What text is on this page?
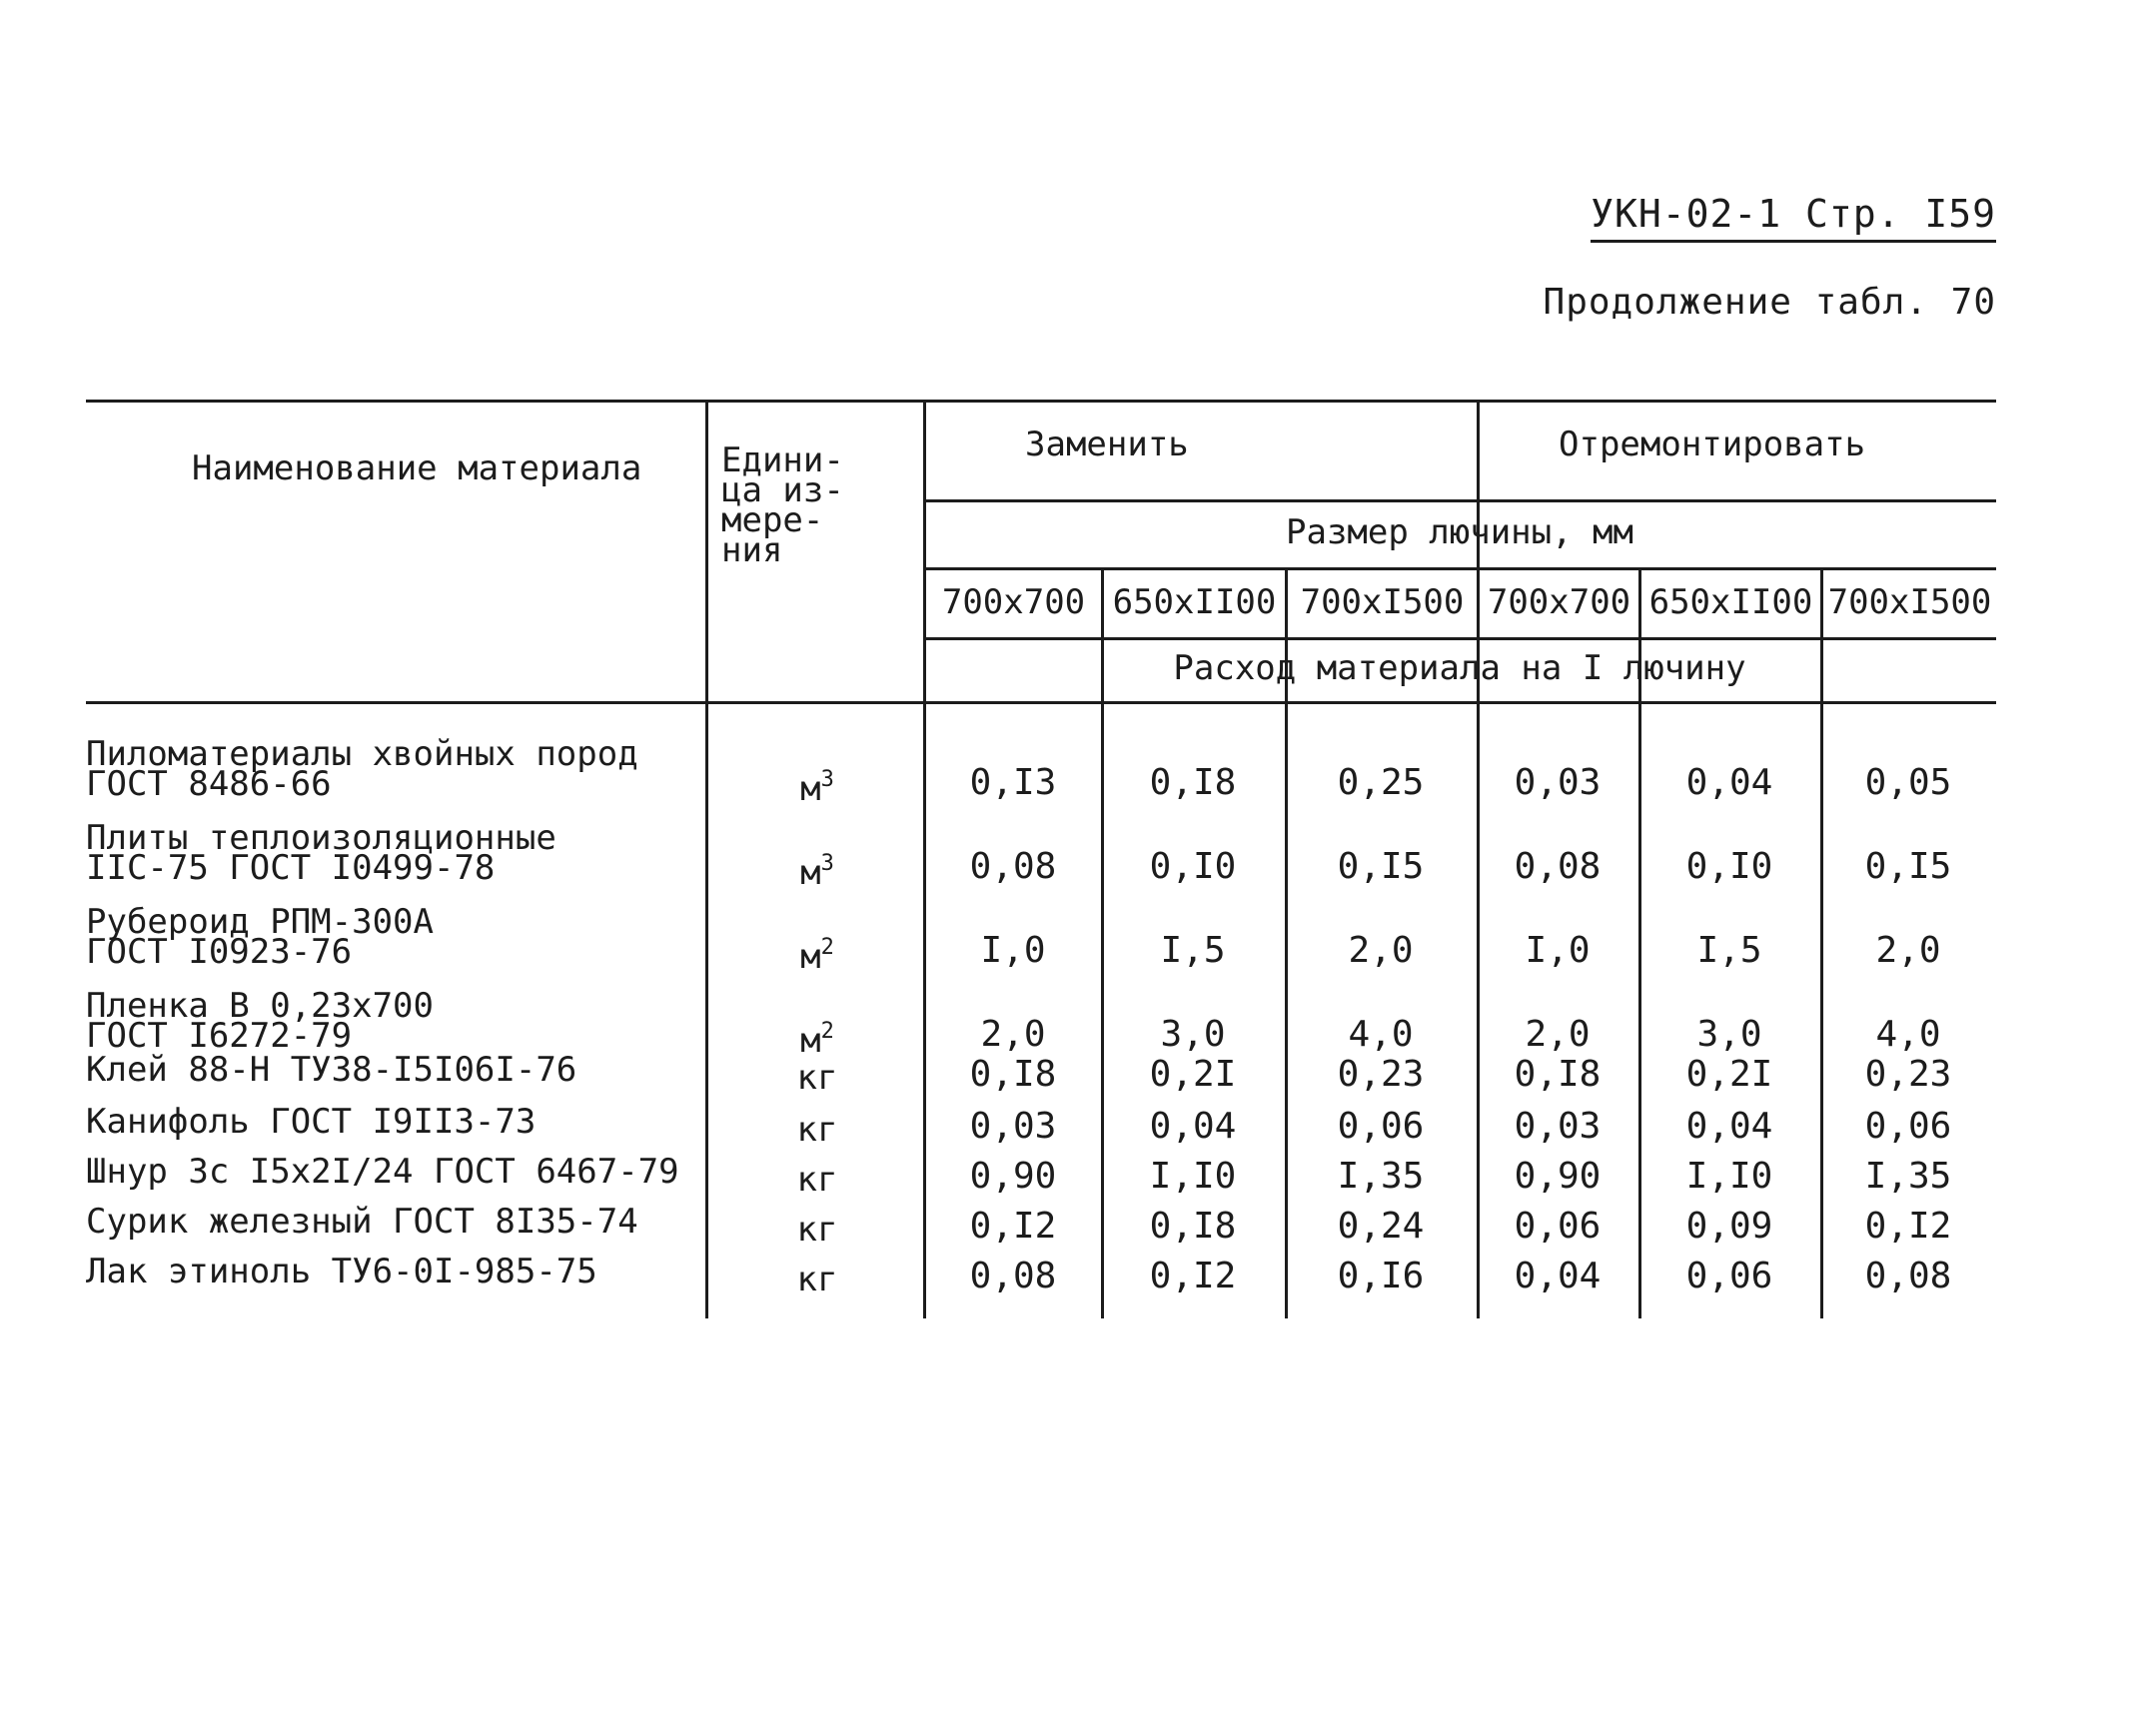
УКН-02-1 Стр. I59
Продолжение табл. 70
Наименование материала Едини-
ца из-
мере-
ния
Заменить	Отремонтировать
Размер лючины, мм
700x700 650xII00 700xI500 700x700 650xII00 700xI500
Расход материала на I лючину
Пиломатериалы хвойных пород
ГОСТ 8486-66	$м^3$	0,I3	0,I8	0,25	0,03	0,04	0,05
Плиты теплоизоляционные
IIС-75 ГОСТ I0499-78	$м^3$	0,08	0,I0	0,I5	0,08	0,I0	0,I5
Рубероид РПМ-300А
ГОСТ I0923-76	$м^2$	I,0	I,5	2,0	I,0	I,5	2,0
Пленка В 0,23x700
ГОСТ I6272-79	$м^2$	2,0	3,0	4,0	2,0	3,0	4,0
Клей 88-Н ТУ38-I5I06I-76	кг	0,I8	0,2I	0,23	0,I8	0,2I	0,23
Канифоль ГОСТ I9II3-73	кг	0,03	0,04	0,06	0,03	0,04	0,06
Шнур 3с I5x2I/24 ГОСТ 6467-79	кг	0,90	I,I0	I,35	0,90	I,I0	I,35
Сурик железный ГОСТ 8I35-74	кг	0,I2	0,I8	0,24	0,06	0,09	0,I2
Лак этиноль ТУ6-0I-985-75	кг	0,08	0,I2	0,I6	0,04	0,06	0,08
